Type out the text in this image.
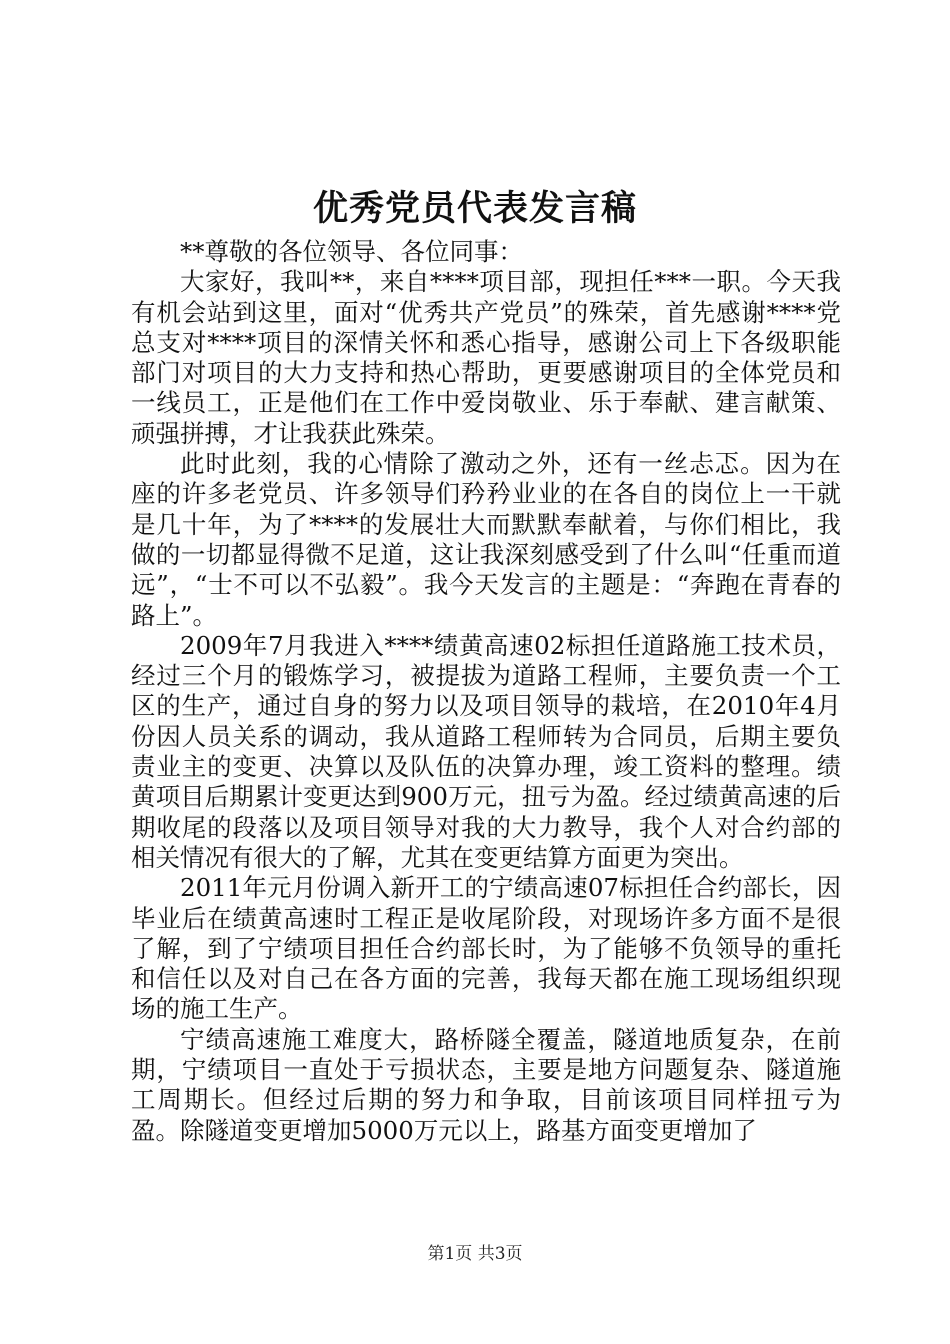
优秀党员代表发言稿

**尊敬的各位领导、各位同事：

大家好，我叫**，来自****项目部，现担任***一职。今天我有机会站到这里，面对“优秀共产党员”的殊荣，首先感谢****党总支对****项目的深情关怀和悉心指导，感谢公司上下各级职能部门对项目的大力支持和热心帮助，更要感谢项目的全体党员和一线员工，正是他们在工作中爱岗敬业、乐于奉献、建言献策、顽强拼搏，才让我获此殊荣。

此时此刻，我的心情除了激动之外，还有一丝忐忑。因为在座的许多老党员、许多领导们矜矜业业的在各自的岗位上一干就是几十年，为了****的发展壮大而默默奉献着，与你们相比，我做的一切都显得微不足道，这让我深刻感受到了什么叫“任重而道远”，“士不可以不弘毅”。我今天发言的主题是：“奔跑在青春的路上”。

2009年7月我进入****绩黄高速02标担任道路施工技术员，经过三个月的锻炼学习，被提拔为道路工程师，主要负责一个工区的生产，通过自身的努力以及项目领导的栽培，在2010年4月份因人员关系的调动，我从道路工程师转为合同员，后期主要负责业主的变更、决算以及队伍的决算办理，竣工资料的整理。绩黄项目后期累计变更达到900万元，扭亏为盈。经过绩黄高速的后期收尾的段落以及项目领导对我的大力教导，我个人对合约部的相关情况有很大的了解，尤其在变更结算方面更为突出。

2011年元月份调入新开工的宁绩高速07标担任合约部长，因毕业后在绩黄高速时工程正是收尾阶段，对现场许多方面不是很了解，到了宁绩项目担任合约部长时，为了能够不负领导的重托和信任以及对自己在各方面的完善，我每天都在施工现场组织现场的施工生产。

宁绩高速施工难度大，路桥隧全覆盖，隧道地质复杂，在前期，宁绩项目一直处于亏损状态，主要是地方问题复杂、隧道施工周期长。但经过后期的努力和争取，目前该项目同样扭亏为盈。除隧道变更增加5000万元以上，路基方面变更增加了

第1页 共3页
